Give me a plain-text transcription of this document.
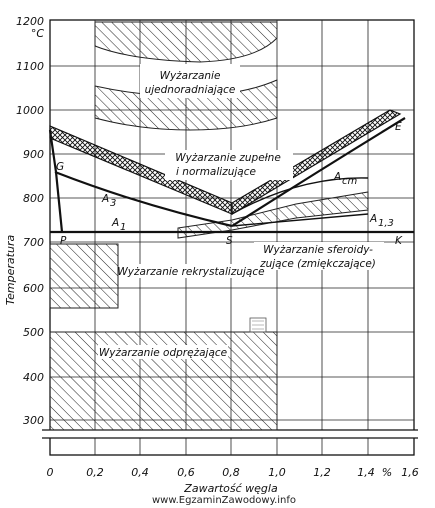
1200
°C
1100
1000
900
800
700
600
500
400
300
Temperatura
0	0,2	0,4	0,6	0,8	1,0	1,2 1,4 % 1,6
Zawartość węgla
Wyżarzanie
ujednoradniające
Wyżarzanie zupełne
i normalizujące
Wyżarzanie sferoidy-
zujące (zmiękczające)
Wyżarzanie rekrystalizujące
Wyżarzanie odprężające
G
E
P	S	K
A 1
A 3
A cm
A 1,3
www.EgzaminZawodowy.info
